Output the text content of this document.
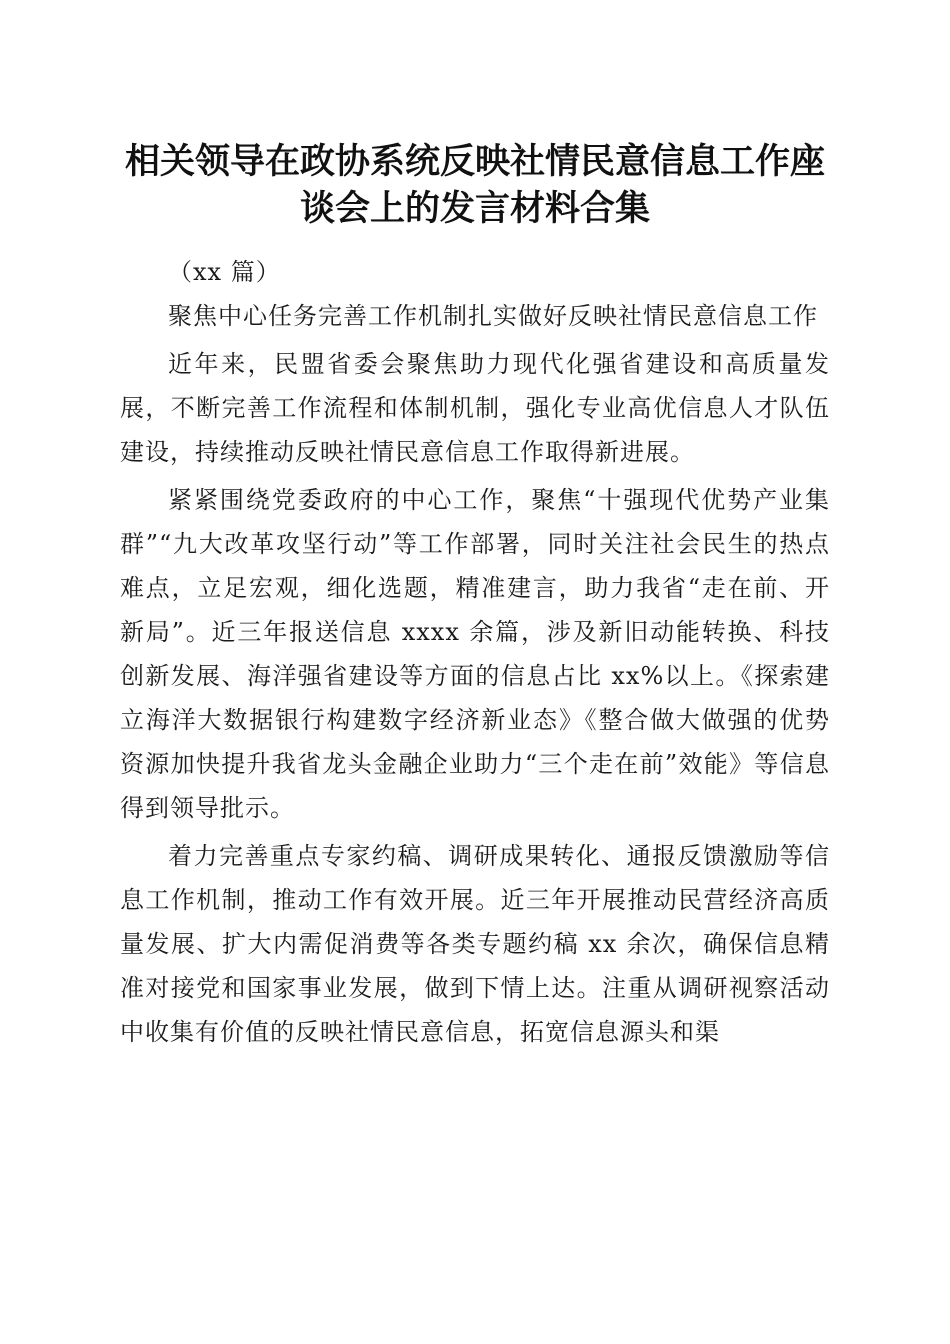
相关领导在政协系统反映社情民意信息工作座
谈会上的发言材料合集

（xx 篇）

聚焦中心任务完善工作机制扎实做好反映社情民意信息工作

近年来，民盟省委会聚焦助力现代化强省建设和高质量发展，不断完善工作流程和体制机制，强化专业高优信息人才队伍建设，持续推动反映社情民意信息工作取得新进展。

紧紧围绕党委政府的中心工作，聚焦“十强现代优势产业集群”“九大改革攻坚行动”等工作部署，同时关注社会民生的热点难点，立足宏观，细化选题，精准建言，助力我省“走在前、开新局”。近三年报送信息 xxxx 余篇，涉及新旧动能转换、科技创新发展、海洋强省建设等方面的信息占比 xx%以上。《探索建立海洋大数据银行构建数字经济新业态》《整合做大做强的优势资源加快提升我省龙头金融企业助力“三个走在前”效能》等信息得到领导批示。

着力完善重点专家约稿、调研成果转化、通报反馈激励等信息工作机制，推动工作有效开展。近三年开展推动民营经济高质量发展、扩大内需促消费等各类专题约稿 xx 余次，确保信息精准对接党和国家事业发展，做到下情上达。注重从调研视察活动中收集有价值的反映社情民意信息，拓宽信息源头和渠
